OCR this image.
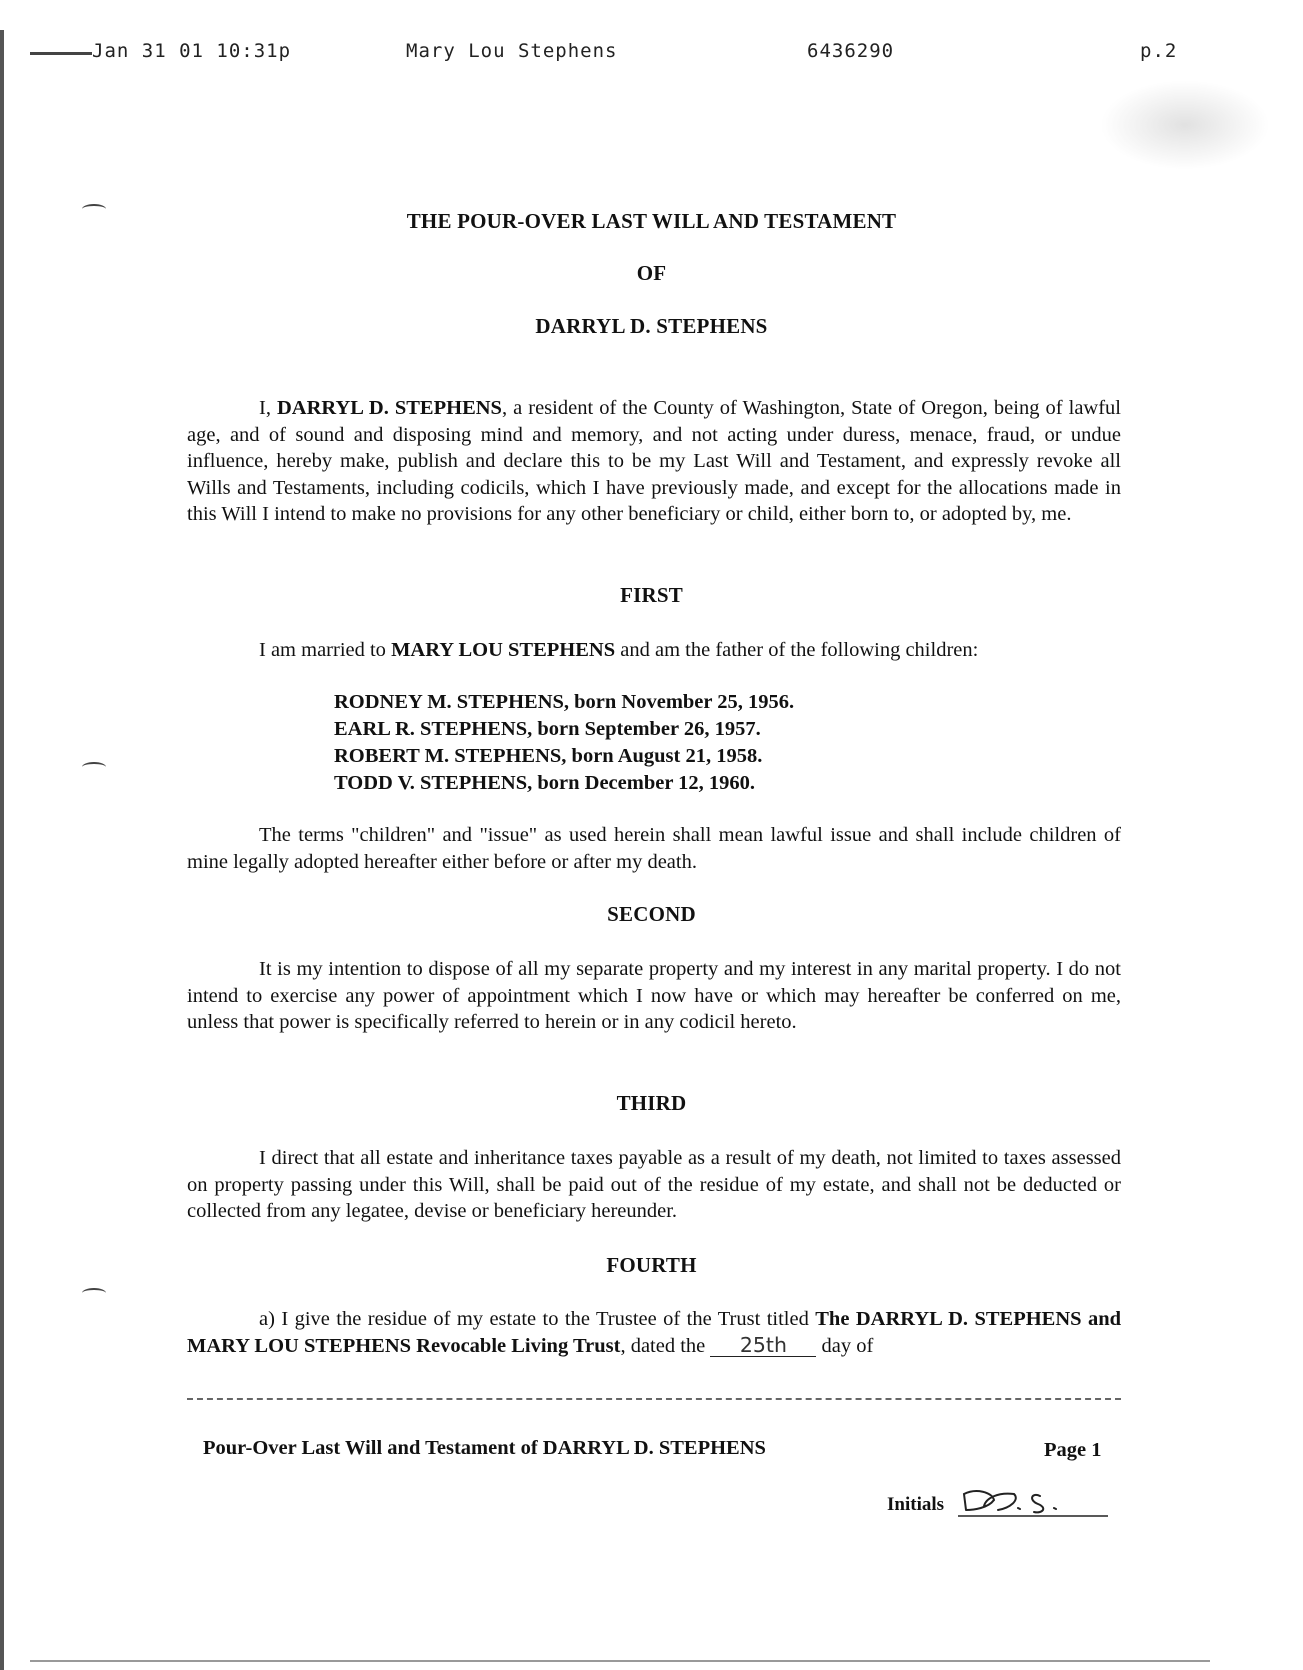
Jan 31 01 10:31p	Mary Lou Stephens	6436290	p.2
THE POUR-OVER LAST WILL AND TESTAMENT
OF
DARRYL D. STEPHENS
I, DARRYL D. STEPHENS, a resident of the County of Washington, State of Oregon, being of lawful age, and of sound and disposing mind and memory, and not acting under duress, menace, fraud, or undue influence, hereby make, publish and declare this to be my Last Will and Testament, and expressly revoke all Wills and Testaments, including codicils, which I have previously made, and except for the allocations made in this Will I intend to make no provisions for any other beneficiary or child, either born to, or adopted by, me.
FIRST
I am married to MARY LOU STEPHENS and am the father of the following children:
RODNEY M. STEPHENS, born November 25, 1956.
EARL R. STEPHENS, born September 26, 1957.
ROBERT M. STEPHENS, born August 21, 1958.
TODD V. STEPHENS, born December 12, 1960.
The terms "children" and "issue" as used herein shall mean lawful issue and shall include children of mine legally adopted hereafter either before or after my death.
SECOND
It is my intention to dispose of all my separate property and my interest in any marital property. I do not intend to exercise any power of appointment which I now have or which may hereafter be conferred on me, unless that power is specifically referred to herein or in any codicil hereto.
THIRD
I direct that all estate and inheritance taxes payable as a result of my death, not limited to taxes assessed on property passing under this Will, shall be paid out of the residue of my estate, and shall not be deducted or collected from any legatee, devise or beneficiary hereunder.
FOURTH
a) I give the residue of my estate to the Trustee of the Trust titled The DARRYL D. STEPHENS and MARY LOU STEPHENS Revocable Living Trust, dated the 25th day of
Pour-Over Last Will and Testament of DARRYL D. STEPHENS	Page 1
Initials
